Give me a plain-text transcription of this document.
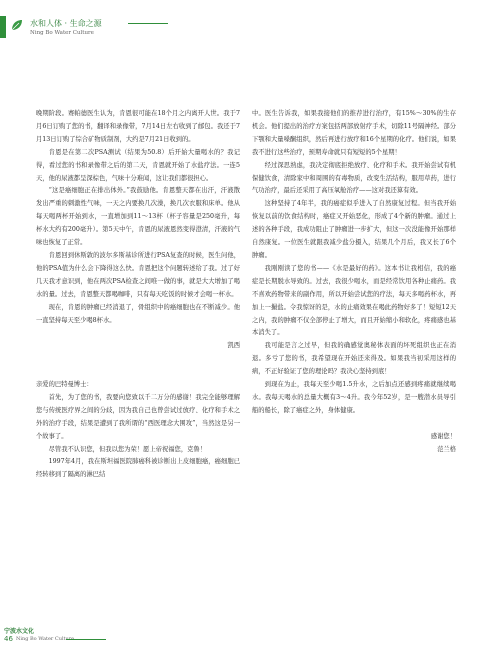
水和人体 · 生命之源
Ning Bo Water Culture

晚期阶段。赛帕德医生认为，肯恩很可能在18个月之内离开人世。我于7月6日订购了您的书，翻译和录像带，7月14日左右收到了邮包。我还于7月13日订购了综合矿物质制剂，大约是7月21日收到的。

肯恩是在第二次PSA测试（结果为50.8）后开始大量喝水的？我记得，看过您的书和录像带之后的第二天，肯恩就开始了水盐疗法。一连5天，他的尿液都呈深棕色，气味十分难闻，这让我们都很担心。

“这是癌细胞正在排出体外。”我鼓励他。肯恩整天都在出汗，汗液散发出严重的刺激性气味，一天之内要换几次澡，换几次衣服和床单。他从每天喝两杯开始到水，一直增加到11～13杯（杯子容量是250毫升，每杯水大约有200毫升）。第5天中午，肯恩的尿液恩然变得澄清，汗液的气味也恢复了正常。

肯恩回到休斯敦的波尔多斯基诊所进行PSA复查的时候，医生问他，他的PSA值为什么会下降得这么快。肯恩把这个问题转述给了我。过了好几天我才意识到，他在两次PSA检查之间唯一做的事，就是大大增加了喝水的量。过去，肯恩整天都喝咖啡，只有每天吃饭的时候才会喝一杯水。

现在，肯恩的肿瘤已经消退了，骨组织中的癌细胞也在不断减少。他一直坚持每天至少喝8杯水。

凯西

亲爱的巴特曼博士：

首先，为了您的书，我要向您致以千二万分的感谢！我完全能够理解您与传统医疗界之间的分歧，因为我自己也曾尝试过放疗、化疗和手术之外的治疗手段，结果是遭到了我所谓的“西医理念大围攻”，当然这是另一个故事了。

尽管我不认识您，但我以您为荣！愿上帝祝福您，克鲁！

1997年4月，我在斯坦福医院肺癌科被诊断出上皮细胞癌，癌细胞已经转移到了隔离的淋巴结

中。医生告诉我，如果我接他们的推荐进行治疗，有15%～30%的生存机会。他们提出的治疗方案包括两部放射疗手术，切除11号隔神经。部分下颚和大量嗓酮组织，然后再进行放疗和16个星期的化疗。他们说，如果我不进行这些治疗，预期寿命就只有短短的5个星期！

经过深思熟虑，我决定彻底拒绝放疗、化疗和手术。我开始尝试有机保健饮食，清除家中和周围的有毒物质，改变生活结构，服用草药，进行气功治疗，最后还采用了高压氧舱治疗——这对我还算有效。

这种坚持了4年半，我的癌症似乎进入了自然康复过程。但当我开始恢复以前的饮食结构时，癌症又开始恶化，形成了4个新的肿瘤。通过上述的各种手段，我成功阻止了肿瘤进一步扩大，但这一次没能像开始那样自然康复。一位医生就跟我减少盐分摄入，结果几个月后，我又长了6个肿瘤。

我刚刚读了您的书——《水是最好的药》。这本书让我相信，我的癌症是长期脱水导致的。过去，我很少喝水，而是经常饮用各种止痛药。我不喜欢药物带来的副作用，所以开始尝试您的疗法，每天多喝药杯水，再加上一撮盐。令我惊讶的是，水的止痛效果在喝此药物好多了！短短12天之内，我的肿瘤不仅全部停止了增大，而且开始缩小和软化，疼痛感也基本消失了。

我可能是言之过早，但我的确感觉奥秘体表面的坏死组织也正在消退。多亏了您的书，我希望现在开始还来得及。如果我当初采用这样的病，不正好验证了您的理论吗？我决心坚持到底！

到现在为止，我每天至少喝1.5升水，之后加点还感到疼痛就继续喝水。我每天喝水的总量大概有3～4升。我今年52岁，是一艘潜水员导引船的船长，除了癌症之外，身体健康。

感谢您！

范兰格

宁波水文化
46 Ning Bo Water Culture
